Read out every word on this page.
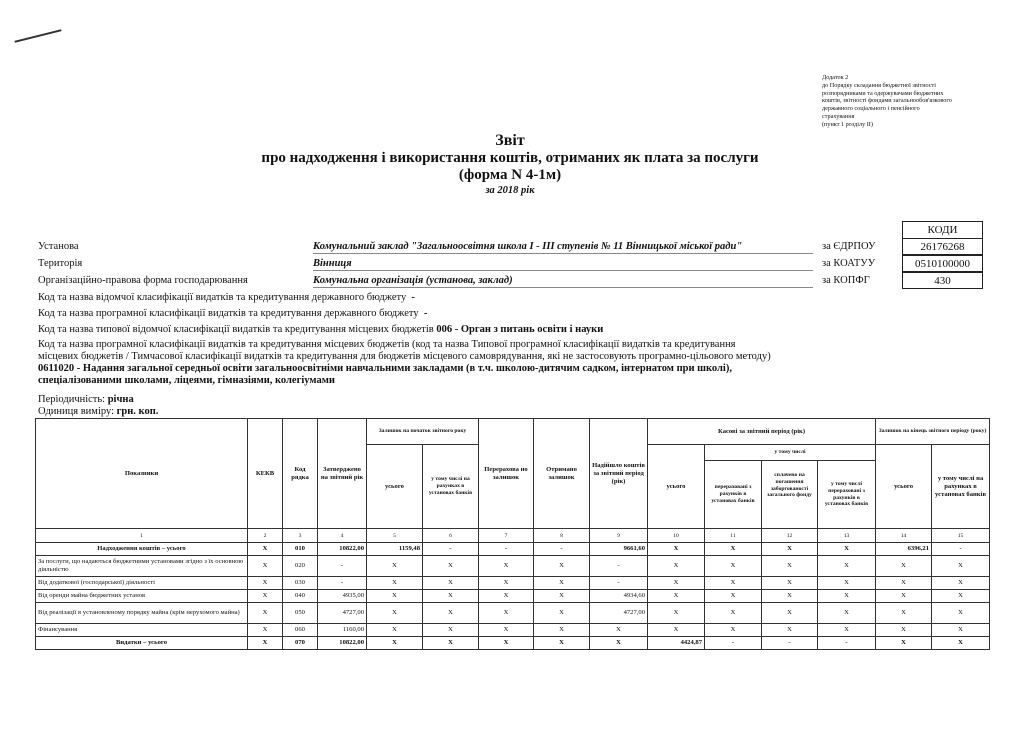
Додаток 2
до Порядку складання бюджетної звітності
розпорядниками та одержувачами бюджетних
коштів, звітності фондами загальнообов'язкового
державного соціального і пенсійного
страхування
(пункт 1 розділу II)
Звіт
про надходження і використання коштів, отриманих як плата за послуги
(форма N 4-1м)
за 2018 рік
КОДИ
Установа	Комунальний заклад "Загальноосвітня школа І - ІІІ ступенів № 11 Вінницької міської ради"	за ЄДРПОУ	26176268
Територія	Вінниця	за КОАТУУ	0510100000
Організаційно-правова форма господарювання	Комунальна організація (установа, заклад)	за КОПФГ	430
Код та назва відомчої класифікації видатків та кредитування державного бюджету -
Код та назва програмної класифікації видатків та кредитування державного бюджету -
Код та назва типової відомчої класифікації видатків та кредитування місцевих бюджетів 006 - Орган з питань освіти і науки
Код та назва програмної класифікації видатків та кредитування місцевих бюджетів (код та назва Типової програмної класифікації видатків та кредитування
місцевих бюджетів / Тимчасової класифікації видатків та кредитування для бюджетів місцевого самоврядування, які не застосовують програмно-цільового методу)
0611020 - Надання загальної середньої освіти загальноосвітніми навчальними закладами (в т.ч. школою-дитячим садком, інтернатом при школі),
спеціалізованими школами, ліцеями, гімназіями, колегіумами
Періодичність: річна
Одиниця виміру: грн. коп.
Показники	КЕКВ	Код рядка	Затверджено на звітний рік	Залишок на початок звітного року		Перерахова но залишок	Отримано залишок	Надійшло коштів за звітний період (рік)	Касові за звітний період (рік)				Залишок на кінець звітного періоду (року)	
				усього	у тому числі на рахунках в установах банків				усього	у тому числі			усього	у тому числі на рахунках в установах банків
										перераховані з рахунків в установах банків	сплачено на погашення заборгованості загального фонду	у тому числі перераховані з рахунків в установах банків		
1	2	3	4	5	6	7	8	9	10	11	12	13	14	15
Надходження коштів – усього	X	010	10822,00	1159,48	-	-	-	9661,60	X	X	X	X	6396,21	-
За послуги, що надаються бюджетними установами згідно з їх основною діяльністю	X	020	-	X	X	X	X	-	X	X	X	X	X	X
Від додаткової (господарської) діяльності	X	030	-	X	X	X	X	-	X	X	X	X	X	X
Від оренди майна бюджетних установ	X	040	4935,00	X	X	X	X	4934,60	X	X	X	X	X	X
Від реалізації в установленому порядку майна (крім нерухомого майна)	X	050	4727,00	X	X	X	X	4727,00	X	X	X	X	X	X
Фінансування	X	060	1160,00	X	X	X	X	X	X	X	X	X	X	X
Видатки – усього	X	070	10822,00	X	X	X	X	X	4424,87	-	-	-	X	X
